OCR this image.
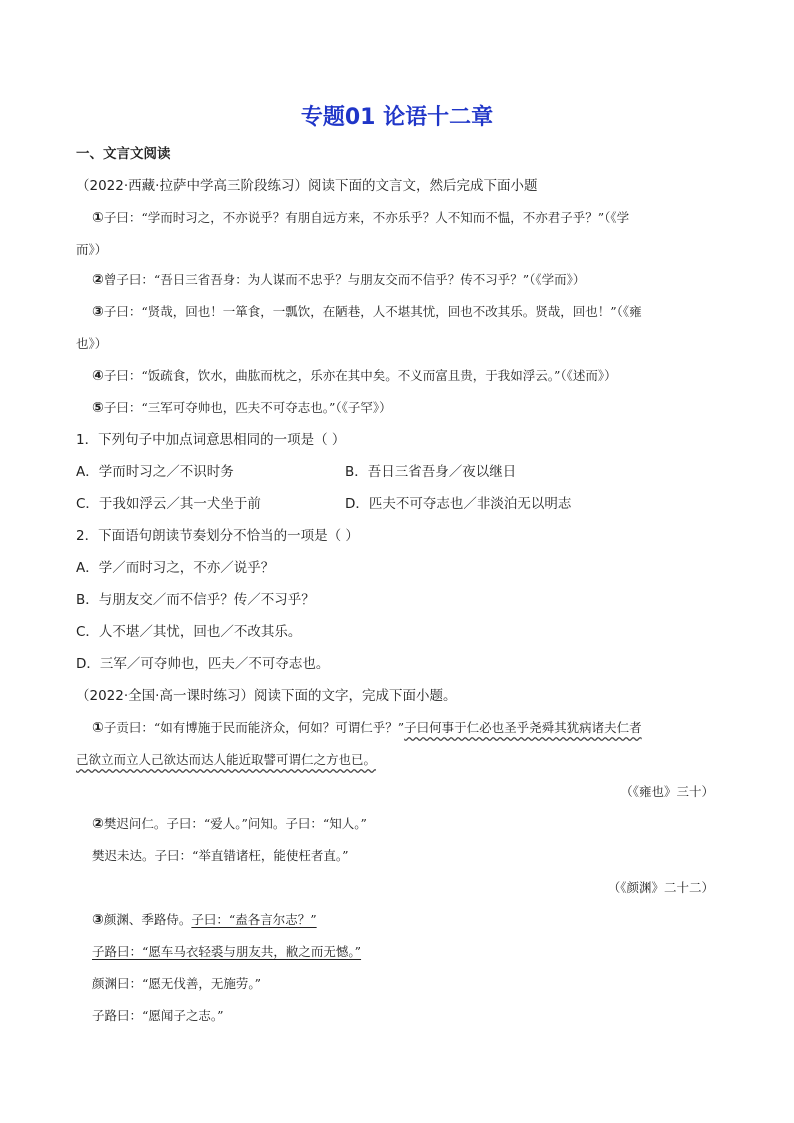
专题01 论语十二章
一、文言文阅读
（2022·西藏·拉萨中学高三阶段练习）阅读下面的文言文，然后完成下面小题
①子曰：“学而时习之，不亦说乎？有朋自远方来，不亦乐乎？人不知而不愠，不亦君子乎？”（《学
而》）
②曾子曰：“吾日三省吾身：为人谋而不忠乎？与朋友交而不信乎？传不习乎？”（《学而》）
③子曰：“贤哉，回也！一箪食，一瓢饮，在陋巷，人不堪其忧，回也不改其乐。贤哉，回也！”（《雍
也》）
④子曰：“饭疏食，饮水，曲肱而枕之，乐亦在其中矣。不义而富且贵，于我如浮云。”（《述而》）
⑤子曰：“三军可夺帅也，匹夫不可夺志也。”（《子罕》）
1．下列句子中加点词意思相同的一项是（ ）
A．学而时习之／不识时务	B．吾日三省吾身／夜以继日
C．于我如浮云／其一犬坐于前	D．匹夫不可夺志也／非淡泊无以明志
2．下面语句朗读节奏划分不恰当的一项是（ ）
A．学／而时习之，不亦／说乎？
B．与朋友交／而不信乎？传／不习乎？
C．人不堪／其忧，回也／不改其乐。
D．三军／可夺帅也，匹夫／不可夺志也。
（2022·全国·高一课时练习）阅读下面的文字，完成下面小题。
①子贡曰：“如有博施于民而能济众，何如？可谓仁乎？”子曰何事于仁必也圣乎尧舜其犹病诸夫仁者
己欲立而立人己欲达而达人能近取譬可谓仁之方也已。
（《雍也》三十）
②樊迟问仁。子曰：“爱人。”问知。子曰：“知人。”
樊迟未达。子曰：“举直错诸枉，能使枉者直。”
（《颜渊》二十二）
③颜渊、季路侍。子曰：“盍各言尔志？”
子路曰：“愿车马衣轻裘与朋友共，敝之而无憾。”
颜渊曰：“愿无伐善，无施劳。”
子路曰：“愿闻子之志。”
